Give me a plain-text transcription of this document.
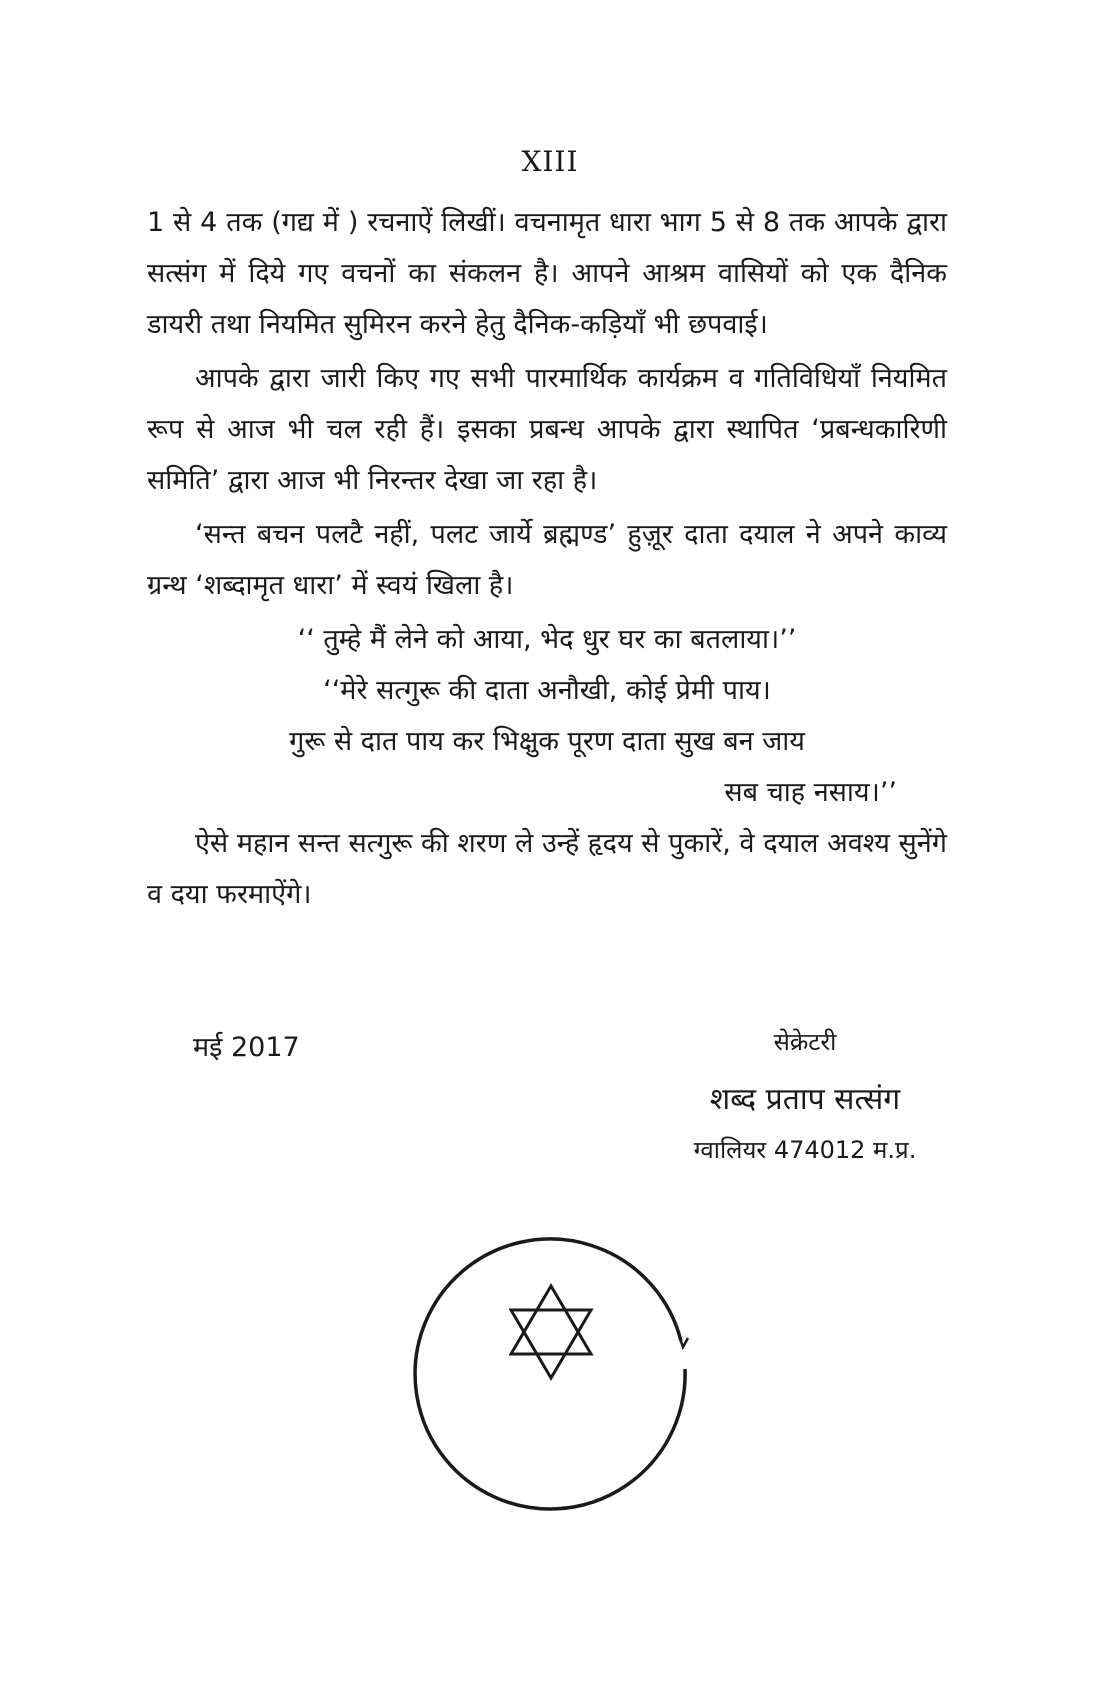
XIII

1 से 4 तक (गद्य में ) रचनाऐं लिखीं। वचनामृत धारा भाग 5 से 8 तक आपके द्वारा सत्संग में दिये गए वचनों का संकलन है। आपने आश्रम वासियों को एक दैनिक डायरी तथा नियमित सुमिरन करने हेतु दैनिक-कड़ियाँ भी छपवाई।

आपके द्वारा जारी किए गए सभी पारमार्थिक कार्यक्रम व गतिविधियाँ नियमित रूप से आज भी चल रही हैं। इसका प्रबन्ध आपके द्वारा स्थापित ‘प्रबन्धकारिणी समिति’ द्वारा आज भी निरन्तर देखा जा रहा है।

‘सन्त बचन पलटै नहीं, पलट जार्ये ब्रह्मण्ड’ हुज़ूर दाता दयाल ने अपने काव्य ग्रन्थ ‘शब्दामृत धारा’ में स्वयं खिला है।

‘‘ तुम्हे मैं लेने को आया, भेद धुर घर का बतलाया।’’

‘‘मेरे सत्गुरू की दाता अनौखी, कोई प्रेमी पाय।

गुरू से दात पाय कर भिक्षुक पूरण दाता सुख बन जाय

सब चाह नसाय।’’

ऐसे महान सन्त सत्गुरू की शरण ले उन्हें हृदय से पुकारें, वे दयाल अवश्य सुनेंगे व दया फरमाऐंगे।

मई 2017	सेक्रेटरी
शब्द प्रताप सत्संग
ग्वालियर 474012 म.प्र.
